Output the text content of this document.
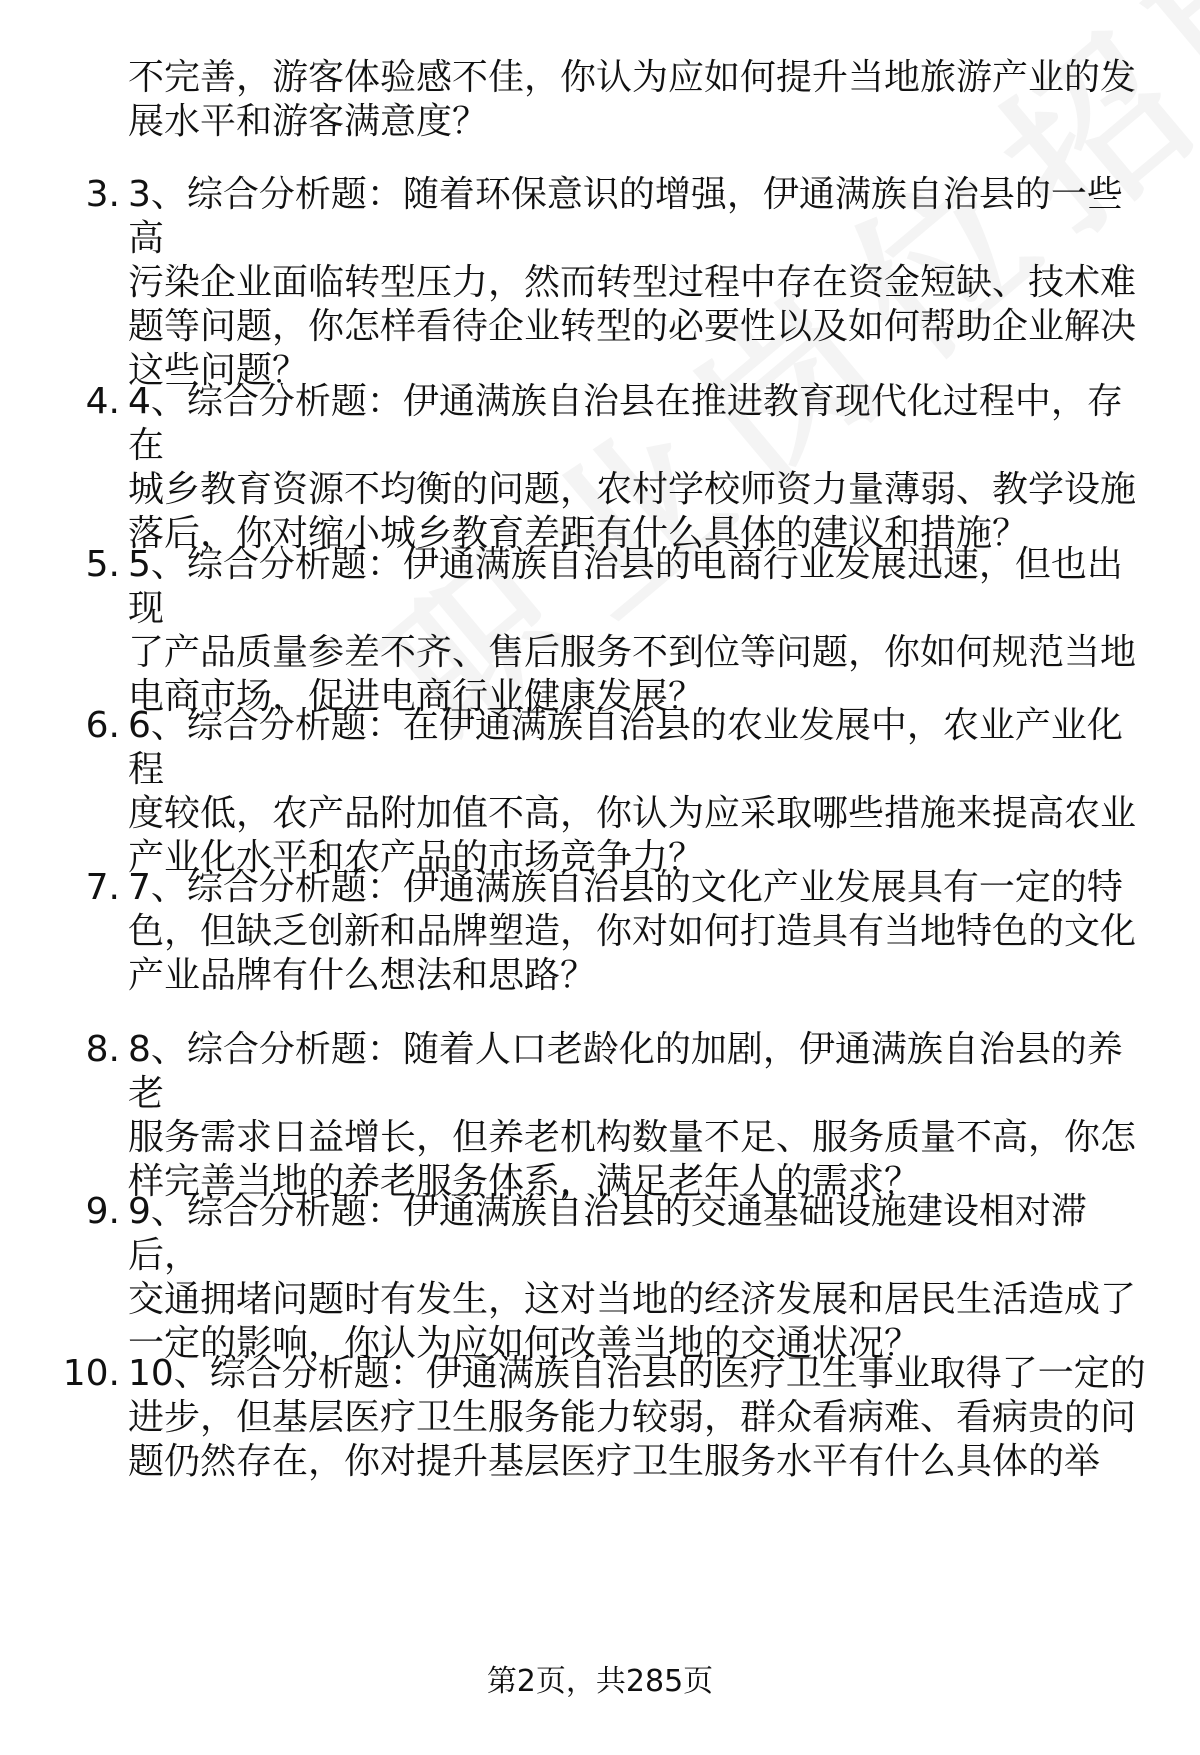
不完善，游客体验感不佳，你认为应如何提升当地旅游产业的发
展水平和游客满意度？
3. 3、综合分析题：随着环保意识的增强，伊通满族自治县的一些高
污染企业面临转型压力，然而转型过程中存在资金短缺、技术难
题等问题，你怎样看待企业转型的必要性以及如何帮助企业解决
这些问题？
4. 4、综合分析题：伊通满族自治县在推进教育现代化过程中，存在
城乡教育资源不均衡的问题，农村学校师资力量薄弱、教学设施
落后，你对缩小城乡教育差距有什么具体的建议和措施？
5. 5、综合分析题：伊通满族自治县的电商行业发展迅速，但也出现
了产品质量参差不齐、售后服务不到位等问题，你如何规范当地
电商市场，促进电商行业健康发展？
6. 6、综合分析题：在伊通满族自治县的农业发展中，农业产业化程
度较低，农产品附加值不高，你认为应采取哪些措施来提高农业
产业化水平和农产品的市场竞争力？
7. 7、综合分析题：伊通满族自治县的文化产业发展具有一定的特
色，但缺乏创新和品牌塑造，你对如何打造具有当地特色的文化
产业品牌有什么想法和思路？
8. 8、综合分析题：随着人口老龄化的加剧，伊通满族自治县的养老
服务需求日益增长，但养老机构数量不足、服务质量不高，你怎
样完善当地的养老服务体系，满足老年人的需求？
9. 9、综合分析题：伊通满族自治县的交通基础设施建设相对滞后，
交通拥堵问题时有发生，这对当地的经济发展和居民生活造成了
一定的影响，你认为应如何改善当地的交通状况？
10. 10、综合分析题：伊通满族自治县的医疗卫生事业取得了一定的
进步，但基层医疗卫生服务能力较弱，群众看病难、看病贵的问
题仍然存在，你对提升基层医疗卫生服务水平有什么具体的举
第2页，共285页
